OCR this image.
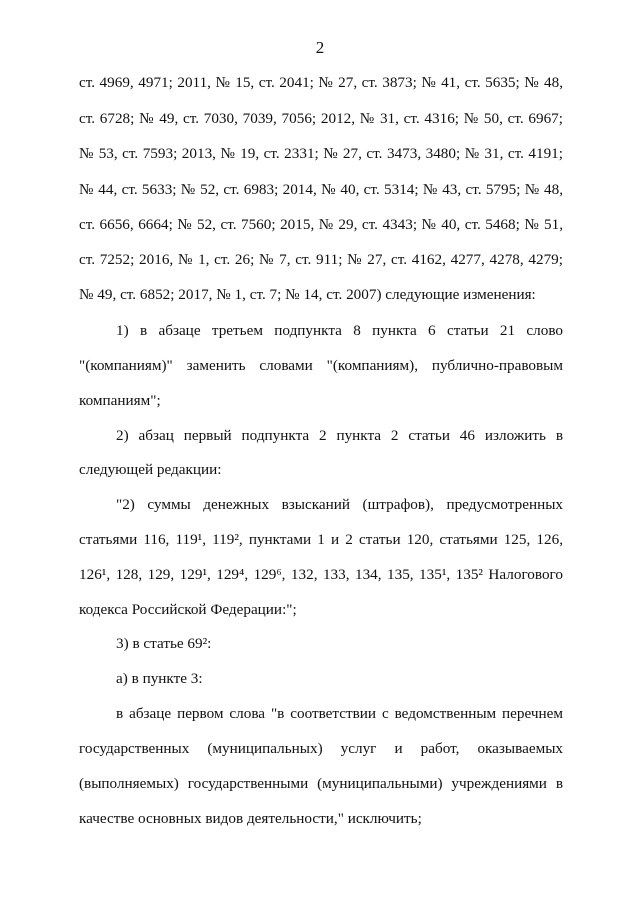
2
ст. 4969, 4971; 2011, № 15, ст. 2041; № 27, ст. 3873; № 41, ст. 5635; № 48,
ст. 6728; № 49, ст. 7030, 7039, 7056; 2012, № 31, ст. 4316; № 50, ст. 6967;
№ 53, ст. 7593; 2013, № 19, ст. 2331; № 27, ст. 3473, 3480; № 31, ст. 4191;
№ 44, ст. 5633; № 52, ст. 6983; 2014, № 40, ст. 5314; № 43, ст. 5795; № 48,
ст. 6656, 6664; № 52, ст. 7560; 2015, № 29, ст. 4343; № 40, ст. 5468; № 51,
ст. 7252; 2016, № 1, ст. 26; № 7, ст. 911; № 27, ст. 4162, 4277, 4278, 4279;
№ 49, ст. 6852; 2017, № 1, ст. 7; № 14, ст. 2007) следующие изменения:
1) в абзаце третьем подпункта 8 пункта 6 статьи 21 слово
"(компаниям)" заменить словами "(компаниям), публично-правовым
компаниям";
2) абзац первый подпункта 2 пункта 2 статьи 46 изложить в
следующей редакции:
"2) суммы денежных взысканий (штрафов), предусмотренных
статьями 116, 119¹, 119², пунктами 1 и 2 статьи 120, статьями 125, 126,
126¹, 128, 129, 129¹, 129⁴, 129⁶, 132, 133, 134, 135, 135¹, 135² Налогового
кодекса Российской Федерации:";
3) в статье 69²:
а) в пункте 3:
в абзаце первом слова "в соответствии с ведомственным перечнем
государственных (муниципальных) услуг и работ, оказываемых
(выполняемых) государственными (муниципальными) учреждениями в
качестве основных видов деятельности," исключить;
